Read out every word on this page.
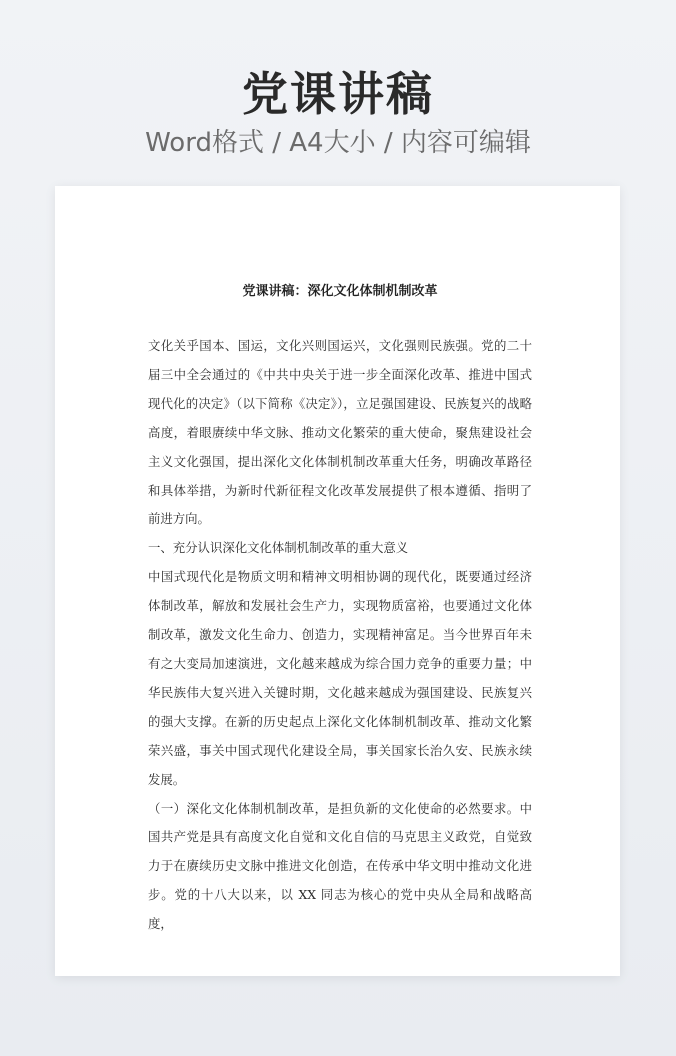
党课讲稿
Word格式 / A4大小 / 内容可编辑
党课讲稿：深化文化体制机制改革
文化关乎国本、国运，文化兴则国运兴，文化强则民族强。党的二十届三中全会通过的《中共中央关于进一步全面深化改革、推进中国式现代化的决定》（以下简称《决定》），立足强国建设、民族复兴的战略高度，着眼赓续中华文脉、推动文化繁荣的重大使命，聚焦建设社会主义文化强国，提出深化文化体制机制改革重大任务，明确改革路径和具体举措，为新时代新征程文化改革发展提供了根本遵循、指明了前进方向。
一、充分认识深化文化体制机制改革的重大意义
中国式现代化是物质文明和精神文明相协调的现代化，既要通过经济体制改革，解放和发展社会生产力，实现物质富裕，也要通过文化体制改革，激发文化生命力、创造力，实现精神富足。当今世界百年未有之大变局加速演进，文化越来越成为综合国力竞争的重要力量；中华民族伟大复兴进入关键时期，文化越来越成为强国建设、民族复兴的强大支撑。在新的历史起点上深化文化体制机制改革、推动文化繁荣兴盛，事关中国式现代化建设全局，事关国家长治久安、民族永续发展。
（一）深化文化体制机制改革，是担负新的文化使命的必然要求。中国共产党是具有高度文化自觉和文化自信的马克思主义政党，自觉致力于在赓续历史文脉中推进文化创造，在传承中华文明中推动文化进步。党的十八大以来，以 XX 同志为核心的党中央从全局和战略高度，
